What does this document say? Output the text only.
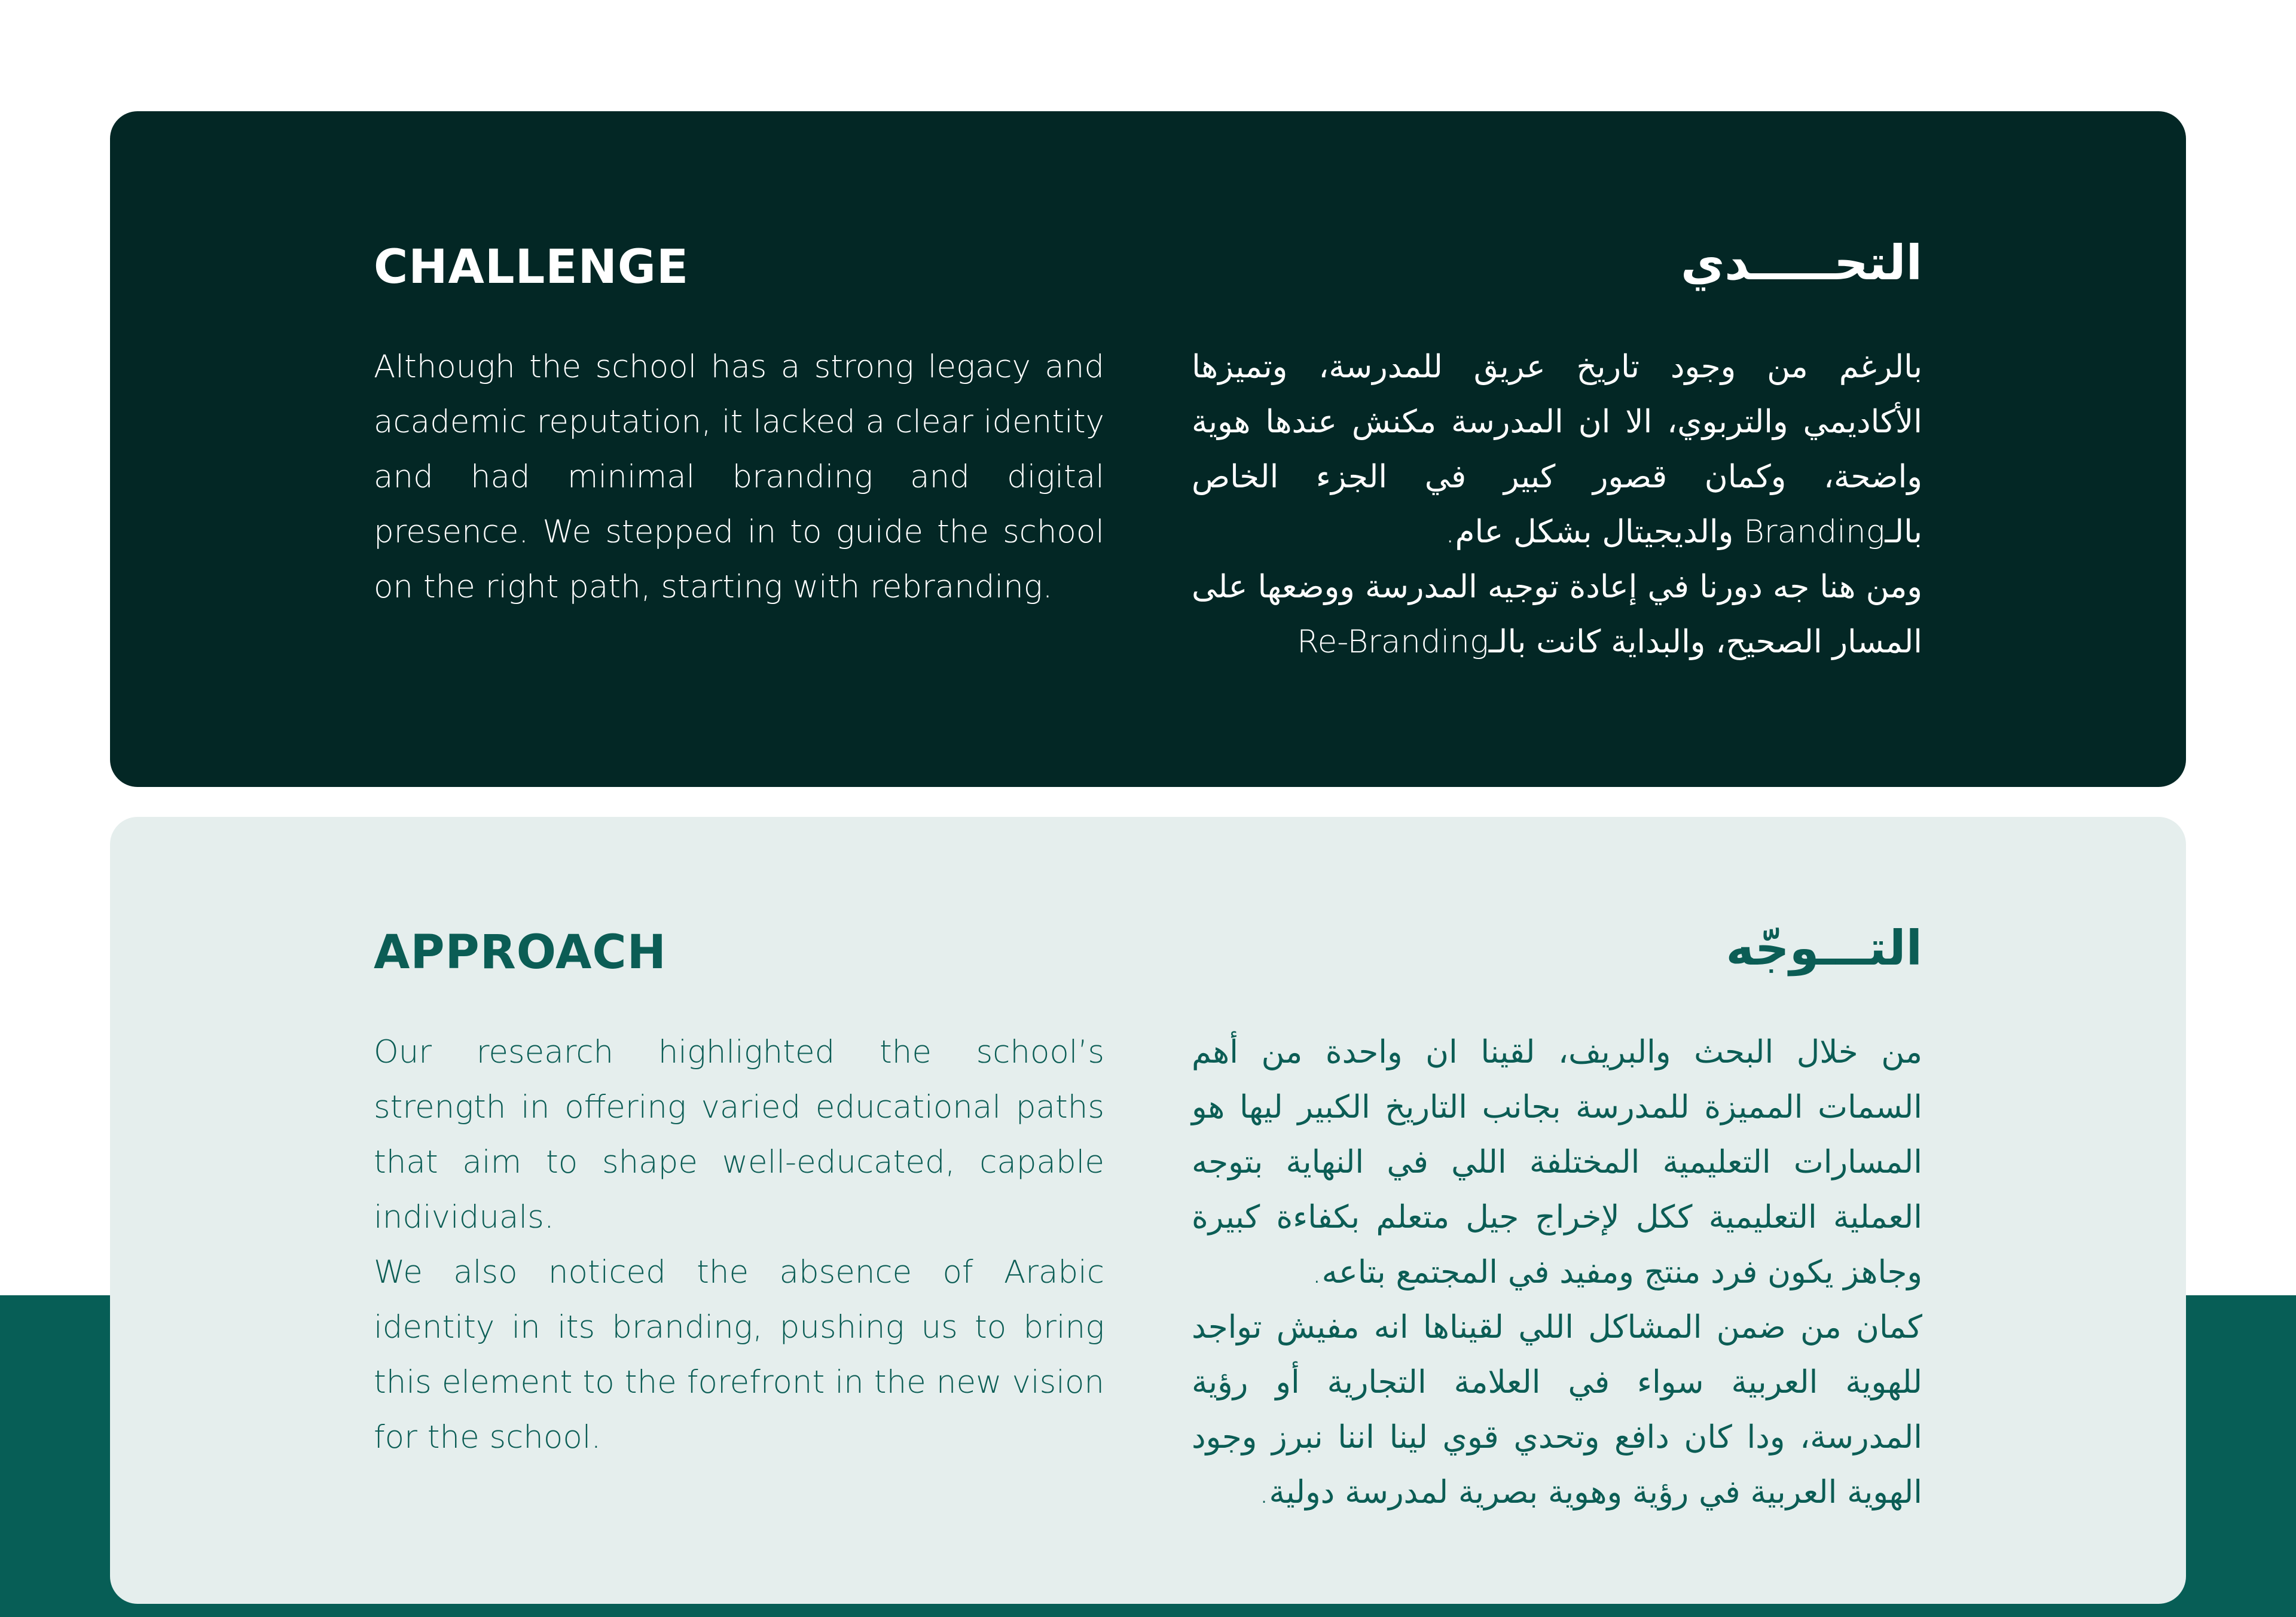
CHALLENGE	التحـــــدي

Although the school has a strong legacy and academic reputation, it lacked a clear identity and had minimal branding and digital presence. We stepped in to guide the school on the right path, starting with rebranding.

بالرغم من وجود تاريخ عريق للمدرسة، وتميزها الأكاديمي والتربوي، الا ان المدرسة مكنش عندها هوية واضحة، وكمان قصور كبير في الجزء الخاص بالـBranding والديجيتال بشكل عام.

ومن هنا جه دورنا في إعادة توجيه المدرسة ووضعها على المسار الصحيح، والبداية كانت بالـRe-Branding

APPROACH	التـــوجّه

Our research highlighted the school’s strength in offering varied educational paths that aim to shape well-educated, capable individuals.

We also noticed the absence of Arabic identity in its branding, pushing us to bring this element to the forefront in the new vision for the school.

من خلال البحث والبريف، لقينا ان واحدة من أهم السمات المميزة للمدرسة بجانب التاريخ الكبير ليها هو المسارات التعليمية المختلفة اللي في النهاية بتوجه العملية التعليمية ككل لإخراج جيل متعلم بكفاءة كبيرة وجاهز يكون فرد منتج ومفيد في المجتمع بتاعه.

كمان من ضمن المشاكل اللي لقيناها انه مفيش تواجد للهوية العربية سواء في العلامة التجارية أو رؤية المدرسة، ودا كان دافع وتحدي قوي لينا اننا نبرز وجود الهوية العربية في رؤية وهوية بصرية لمدرسة دولية.
